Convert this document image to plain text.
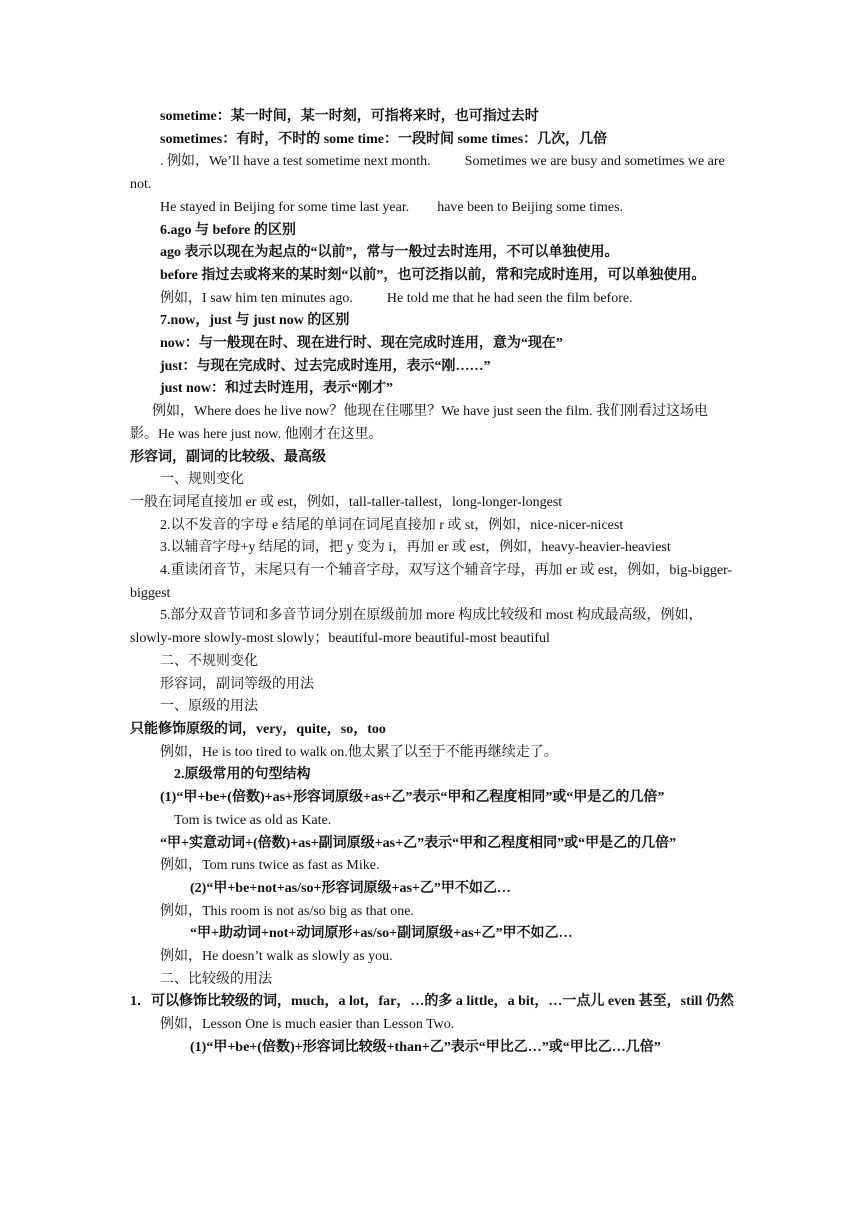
sometime：某一时间，某一时刻，可指将来时，也可指过去时
sometimes：有时，不时的 some time：一段时间 some times：几次，几倍
. 例如，We’ll have a test sometime next month. Sometimes we are busy and sometimes we are not.
He stayed in Beijing for some time last year. have been to Beijing some times.
6.ago 与 before 的区别
ago 表示以现在为起点的“以前”，常与一般过去时连用，不可以单独使用。
before 指过去或将来的某时刻“以前”，也可泛指以前，常和完成时连用，可以单独使用。
例如，I saw him ten minutes ago. He told me that he had seen the film before.
7.now，just 与 just now 的区别
now：与一般现在时、现在进行时、现在完成时连用，意为“现在”
just：与现在完成时、过去完成时连用，表示“刚……”
just now：和过去时连用，表示“刚才”
例如，Where does he live now？他现在住哪里？We have just seen the film. 我们刚看过这场电影。He was here just now. 他刚才在这里。
形容词，副词的比较级、最高级
一、规则变化
一般在词尾直接加 er 或 est，例如，tall-taller-tallest，long-longer-longest
2.以不发音的字母 e 结尾的单词在词尾直接加 r 或 st，例如，nice-nicer-nicest
3.以辅音字母+y 结尾的词，把 y 变为 i，再加 er 或 est，例如，heavy-heavier-heaviest
4.重读闭音节，末尾只有一个辅音字母，双写这个辅音字母，再加 er 或 est，例如，big-bigger-biggest
5.部分双音节词和多音节词分别在原级前加 more 构成比较级和 most 构成最高级，例如，slowly-more slowly-most slowly；beautiful-more beautiful-most beautiful
二、不规则变化
形容词，副词等级的用法
一、原级的用法
只能修饰原级的词，very，quite，so，too
例如，He is too tired to walk on.他太累了以至于不能再继续走了。
2.原级常用的句型结构
(1)“甲+be+(倍数)+as+形容词原级+as+乙”表示“甲和乙程度相同”或“甲是乙的几倍”
Tom is twice as old as Kate.
“甲+实意动词+(倍数)+as+副词原级+as+乙”表示“甲和乙程度相同”或“甲是乙的几倍”
例如，Tom runs twice as fast as Mike.
(2)“甲+be+not+as/so+形容词原级+as+乙”甲不如乙…
例如，This room is not as/so big as that one.
“甲+助动词+not+动词原形+as/so+副词原级+as+乙”甲不如乙…
例如，He doesn’t walk as slowly as you.
二、比较级的用法
1．可以修饰比较级的词，much，a lot，far，…的多 a little，a bit，…一点儿 even 甚至，still 仍然
例如，Lesson One is much easier than Lesson Two.
(1)“甲+be+(倍数)+形容词比较级+than+乙”表示“甲比乙…”或“甲比乙…几倍”
